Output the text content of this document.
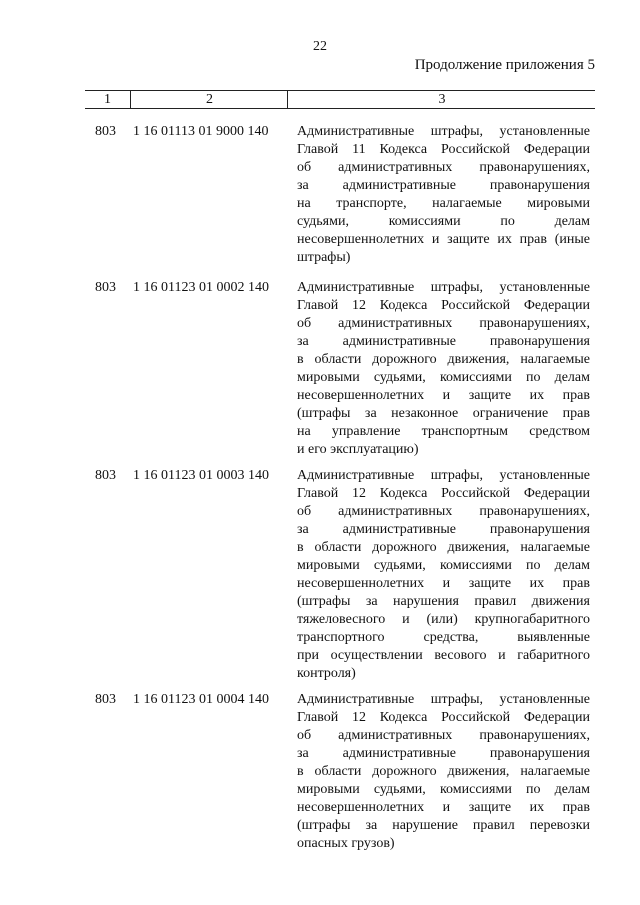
22
Продолжение приложения 5
1	2	3
803 1 16 01113 01 9000 140 Административные штрафы, установленные
Главой 11 Кодекса Российской Федерации
об административных правонарушениях,
за административные правонарушения
на транспорте, налагаемые мировыми
судьями, комиссиями по делам
несовершеннолетних и защите их прав (иные
штрафы)
803 1 16 01123 01 0002 140 Административные штрафы, установленные
Главой 12 Кодекса Российской Федерации
об административных правонарушениях,
за административные правонарушения
в области дорожного движения, налагаемые
мировыми судьями, комиссиями по делам
несовершеннолетних и защите их прав
(штрафы за незаконное ограничение прав
на управление транспортным средством
и его эксплуатацию)
803 1 16 01123 01 0003 140 Административные штрафы, установленные
Главой 12 Кодекса Российской Федерации
об административных правонарушениях,
за административные правонарушения
в области дорожного движения, налагаемые
мировыми судьями, комиссиями по делам
несовершеннолетних и защите их прав
(штрафы за нарушения правил движения
тяжеловесного и (или) крупногабаритного
транспортного средства, выявленные
при осуществлении весового и габаритного
контроля)
803 1 16 01123 01 0004 140 Административные штрафы, установленные
Главой 12 Кодекса Российской Федерации
об административных правонарушениях,
за административные правонарушения
в области дорожного движения, налагаемые
мировыми судьями, комиссиями по делам
несовершеннолетних и защите их прав
(штрафы за нарушение правил перевозки
опасных грузов)
